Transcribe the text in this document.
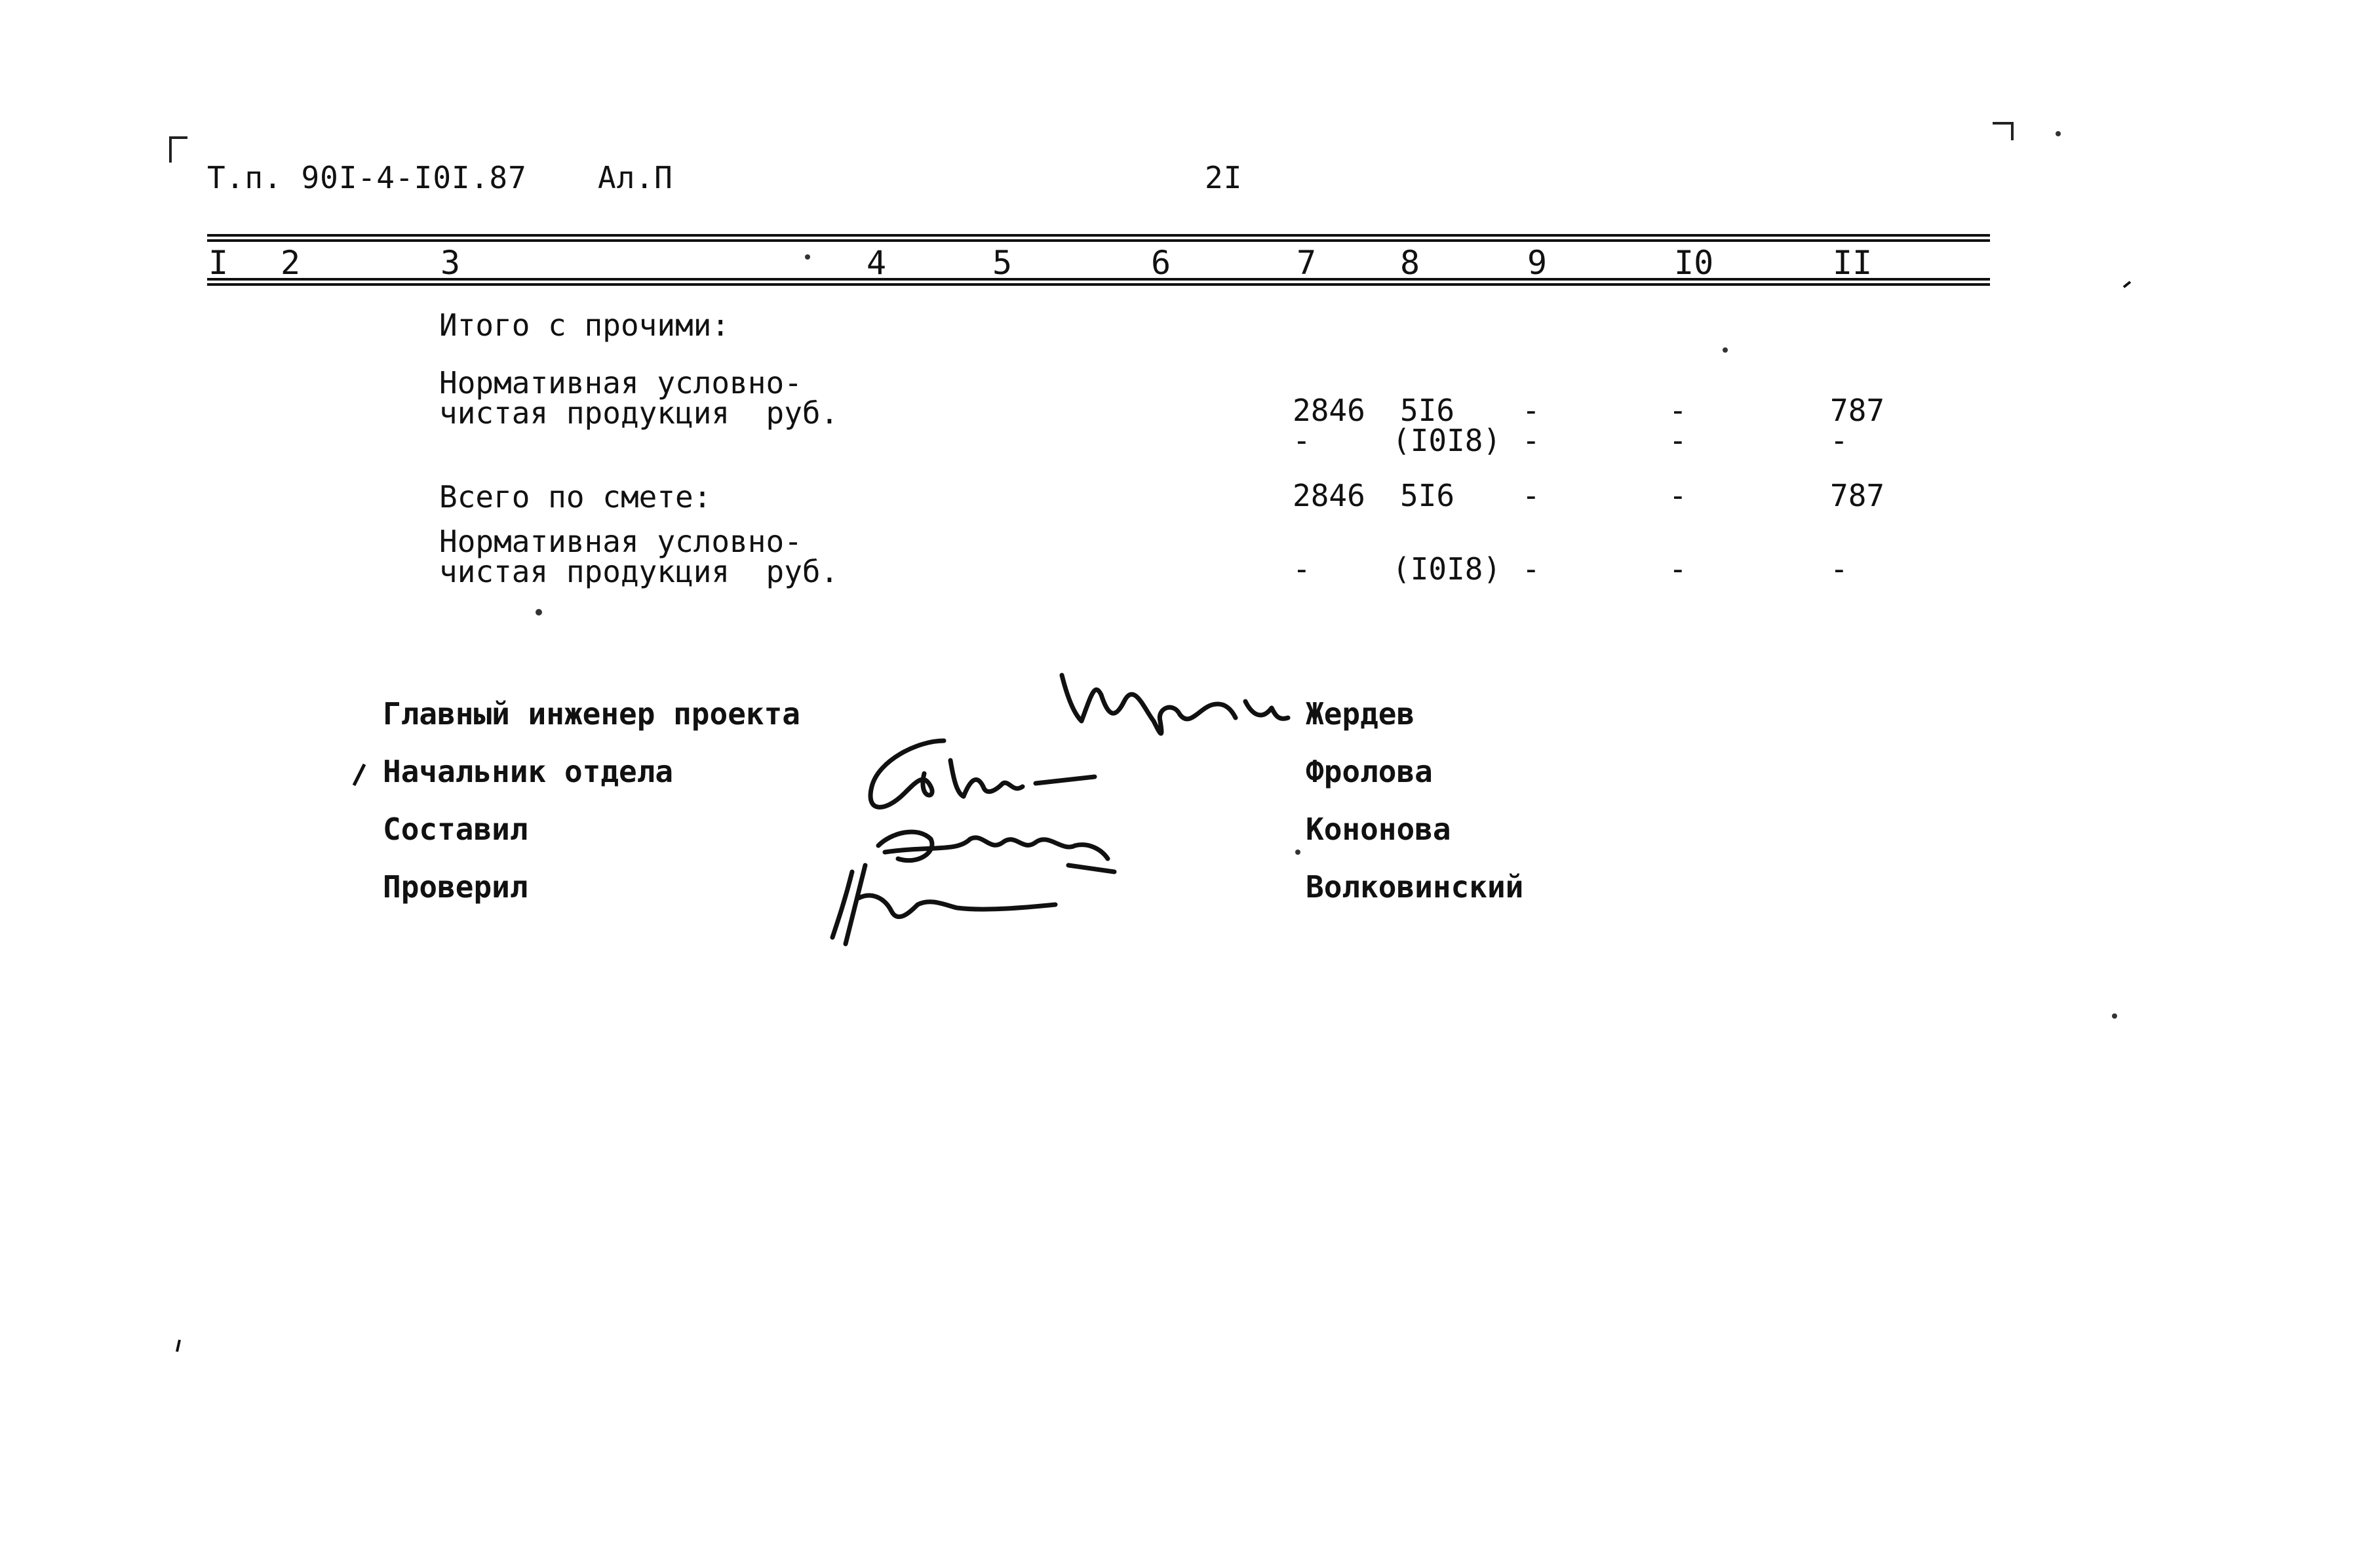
Т.п. 90I-4-I0I.87 Ал.П	2I
I 2	3	4	5	6	7	8	9	I0	II
Итого с прочими:
Нормативная условно-
чистая продукция  руб.	2846 5I6 -	-	787
-	(I0I8) -	-	-
Всего по смете:	2846 5I6 -	-	787
Нормативная условно-
чистая продукция  руб.	-	(I0I8) -	-	-
Главный инженер проекта	Жердев
Начальник отдела	Фролова
Составил	Кононова
Проверил	Волковинский
